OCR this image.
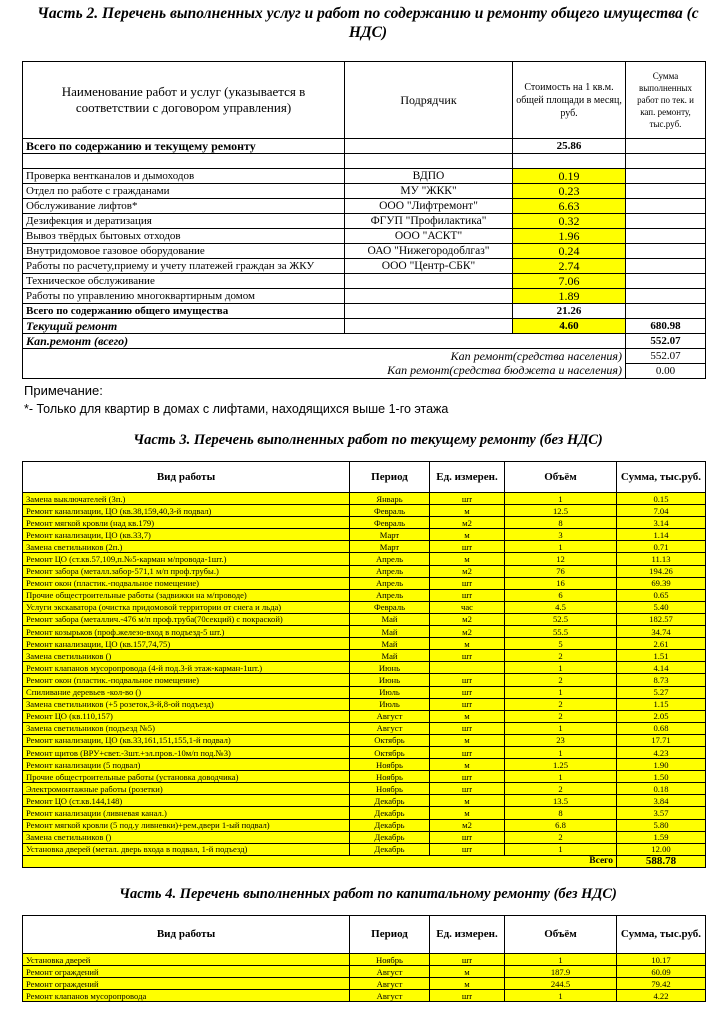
Часть 2. Перечень выполненных услуг и работ по содержанию и ремонту общего имущества (с НДС)
Наименование работ и услуг (указывается в соответствии с договором управления)	Подрядчик	Стоимость на 1 кв.м. общей площади в месяц, руб.	Сумма выполненных работ по тек. и кап. ремонту, тыс.руб.
Всего по содержанию и текущему ремонту		25.86	

Проверка вентканалов и дымоходов	ВДПО	0.19	
Отдел по работе с гражданами	МУ "ЖКК"	0.23	
Обслуживание лифтов*	ООО "Лифтремонт"	6.63	
Дезифекция и дератизация	ФГУП "Профилактика"	0.32	
Вывоз твёрдых бытовых отходов	ООО "АСКТ"	1.96	
Внутридомовое газовое оборудование	ОАО "Нижегородоблгаз"	0.24	
Работы по расчету,приему и учету платежей граждан за ЖКУ	ООО "Центр-СБК"	2.74	
Техническое обслуживание		7.06	
Работы по управлению многоквартирным домом		1.89	
Всего по содержанию общего имущества		21.26	
Текущий ремонт		4.60	680.98
Кап.ремонт (всего)			552.07
Кап ремонт(средства населения)			552.07
Кап ремонт(средства бюджета и населения)			0.00
Примечание:
*- Только для квартир в домах с лифтами, находящихся выше 1-го этажа
Часть 3. Перечень выполненных работ по текущему ремонту (без НДС)
Вид работы	Период	Ед. измерен.	Объём	Сумма, тыс.руб.
Замена выключателей (3п.)	Январь	шт	1	0.15
Ремонт канализации, ЦО (кв.38,159,40,3-й подвал)	Февраль	м	12.5	7.04
Ремонт мягкой кровли (над кв.179)	Февраль	м2	8	3.14
Ремонт канализации, ЦО (кв.33,7)	Март	м	3	1.14
Замена светильников (2п.)	Март	шт	1	0.71
Ремонт ЦО (ст.кв.57,109,п.№5-карман м/провода-1шт.)	Апрель	м	12	11.13
Ремонт забора (металл.забор-571,1 м/п проф.трубы.)	Апрель	м2	76	194.26
Ремонт окон (пластик.-подвальное помещение)	Апрель	шт	16	69.39
Прочие общестроительные работы (задвижки на м/проводе)	Апрель	шт	6	0.65
Услуги экскаватора (очистка придомовой территории от снега и льда)	Февраль	час	4.5	5.40
Ремонт забора (металлич.-476 м/п проф.труба(70секций) с покраской)	Май	м2	52.5	182.57
Ремонт козырьков (проф.железо-вход в подъезд-5 шт.)	Май	м2	55.5	34.74
Ремонт канализации, ЦО (кв.157,74,75)	Май	м	5	2.61
Замена светильников ()	Май	шт	2	1.51
Ремонт клапанов мусоропровода (4-й под.3-й этаж-карман-1шт.)	Июнь		1	4.14
Ремонт окон (пластик.-подвальное помещение)	Июнь	шт	2	8.73
Спиливание деревьев -кол-во ()	Июль	шт	1	5.27
Замена светильников (+5 розеток,3-й,8-ой подъезд)	Июль	шт	2	1.15
Ремонт ЦО (кв.110,157)	Август	м	2	2.05
Замена светильников (подъезд №5)	Август	шт	1	0.68
Ремонт канализации, ЦО (кв.33,161,151,155,1-й подвал)	Октябрь	м	23	17.71
Ремонт щитов (ВРУ+свет.-3шт.+эл.пров.-10м/п под.№3)	Октябрь	шт	1	4.23
Ремонт канализации (5 подвал)	Ноябрь	м	1.25	1.90
Прочие общестроительные работы (установка доводчика)	Ноябрь	шт	1	1.50
Электромонтажные работы (розетки)	Ноябрь	шт	2	0.18
Ремонт ЦО (ст.кв.144,148)	Декабрь	м	13.5	3.84
Ремонт канализации (ливневая канал.)	Декабрь	м	8	3.57
Ремонт мягкой кровли (5 под.у ливневки)+рем.двери 1-ый подвал)	Декабрь	м2	6.8	5.80
Замена светильников ()	Декабрь	шт	2	1.59
Установка дверей (метал. дверь входа в подвал, 1-й подъезд)	Декабрь	шт	1	12.00
Всего				588.78
Часть 4. Перечень выполненных работ по капитальному ремонту (без НДС)
Вид работы	Период	Ед. измерен.	Объём	Сумма, тыс.руб.
Установка дверей	Ноябрь	шт	1	10.17
Ремонт ограждений	Август	м	187.9	60.09
Ремонт ограждений	Август	м	244.5	79.42
Ремонт клапанов мусоропровода	Август	шт	1	4.22
